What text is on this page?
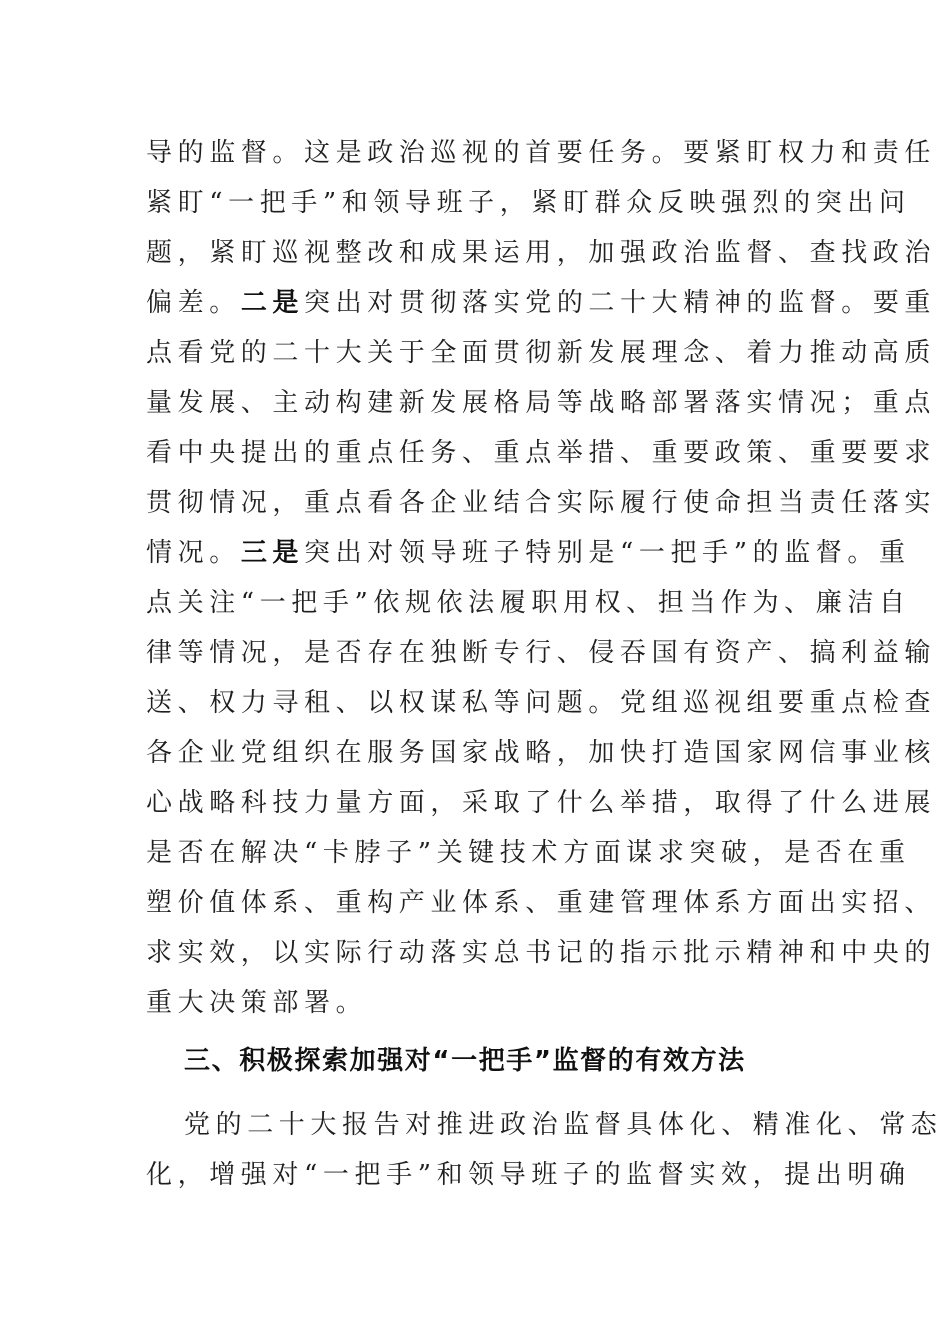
导的监督。这是政治巡视的首要任务。要紧盯权力和责任
紧盯“一把手”和领导班子，紧盯群众反映强烈的突出问
题，紧盯巡视整改和成果运用，加强政治监督、查找政治
偏差。二是突出对贯彻落实党的二十大精神的监督。要重
点看党的二十大关于全面贯彻新发展理念、着力推动高质
量发展、主动构建新发展格局等战略部署落实情况；重点
看中央提出的重点任务、重点举措、重要政策、重要要求
贯彻情况，重点看各企业结合实际履行使命担当责任落实
情况。三是突出对领导班子特别是“一把手”的监督。重
点关注“一把手”依规依法履职用权、担当作为、廉洁自
律等情况，是否存在独断专行、侵吞国有资产、搞利益输
送、权力寻租、以权谋私等问题。党组巡视组要重点检查
各企业党组织在服务国家战略，加快打造国家网信事业核
心战略科技力量方面，采取了什么举措，取得了什么进展
是否在解决“卡脖子”关键技术方面谋求突破，是否在重
塑价值体系、重构产业体系、重建管理体系方面出实招、
求实效，以实际行动落实总书记的指示批示精神和中央的
重大决策部署。
三、积极探索加强对“一把手”监督的有效方法
党的二十大报告对推进政治监督具体化、精准化、常态
化，增强对“一把手”和领导班子的监督实效，提出明确
